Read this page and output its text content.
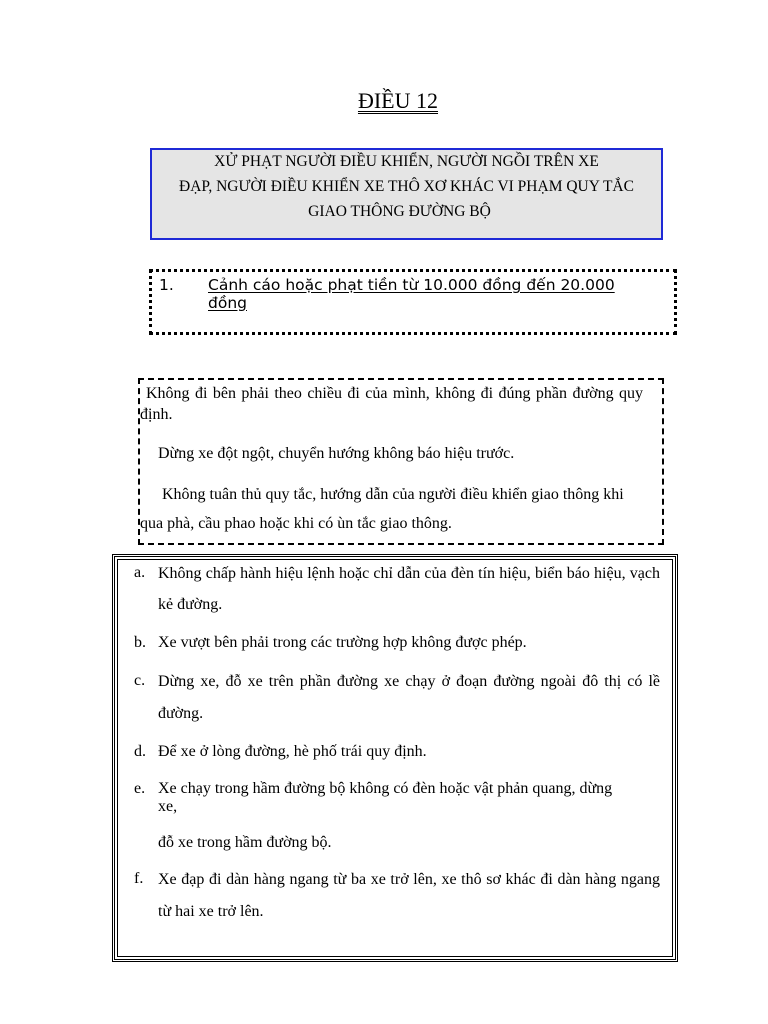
ĐIỀU 12
XỬ PHẠT NGƯỜI ĐIỀU KHIỂN, NGƯỜI NGỒI TRÊN XE
ĐẠP, NGƯỜI ĐIỀU KHIỂN XE THÔ XƠ KHÁC VI PHẠM QUY TẮC
GIAO THÔNG ĐƯỜNG BỘ
1. Cảnh cáo hoặc phạt tiền từ 10.000 đồng đến 20.000 đồng

Không đi bên phải theo chiều đi của mình, không đi đúng phần đường quy định.

Dừng xe đột ngột, chuyển hướng không báo hiệu trước.

Không tuân thủ quy tắc, hướng dẫn của người điều khiển giao thông khi qua phà, cầu phao hoặc khi có ùn tắc giao thông.

a. Không chấp hành hiệu lệnh hoặc chỉ dẫn của đèn tín hiệu, biển báo hiệu, vạch kẻ đường.
b. Xe vượt bên phải trong các trường hợp không được phép.
c. Dừng xe, đỗ xe trên phần đường xe chạy ở đoạn đường ngoài đô thị có lề đường.
d. Để xe ở lòng đường, hè phố trái quy định.
e. Xe chạy trong hầm đường bộ không có đèn hoặc vật phản quang, dừng
xe,
đỗ xe trong hầm đường bộ.
f. Xe đạp đi dàn hàng ngang từ ba xe trở lên, xe thô sơ khác đi dàn hàng ngang từ hai xe trở lên.
